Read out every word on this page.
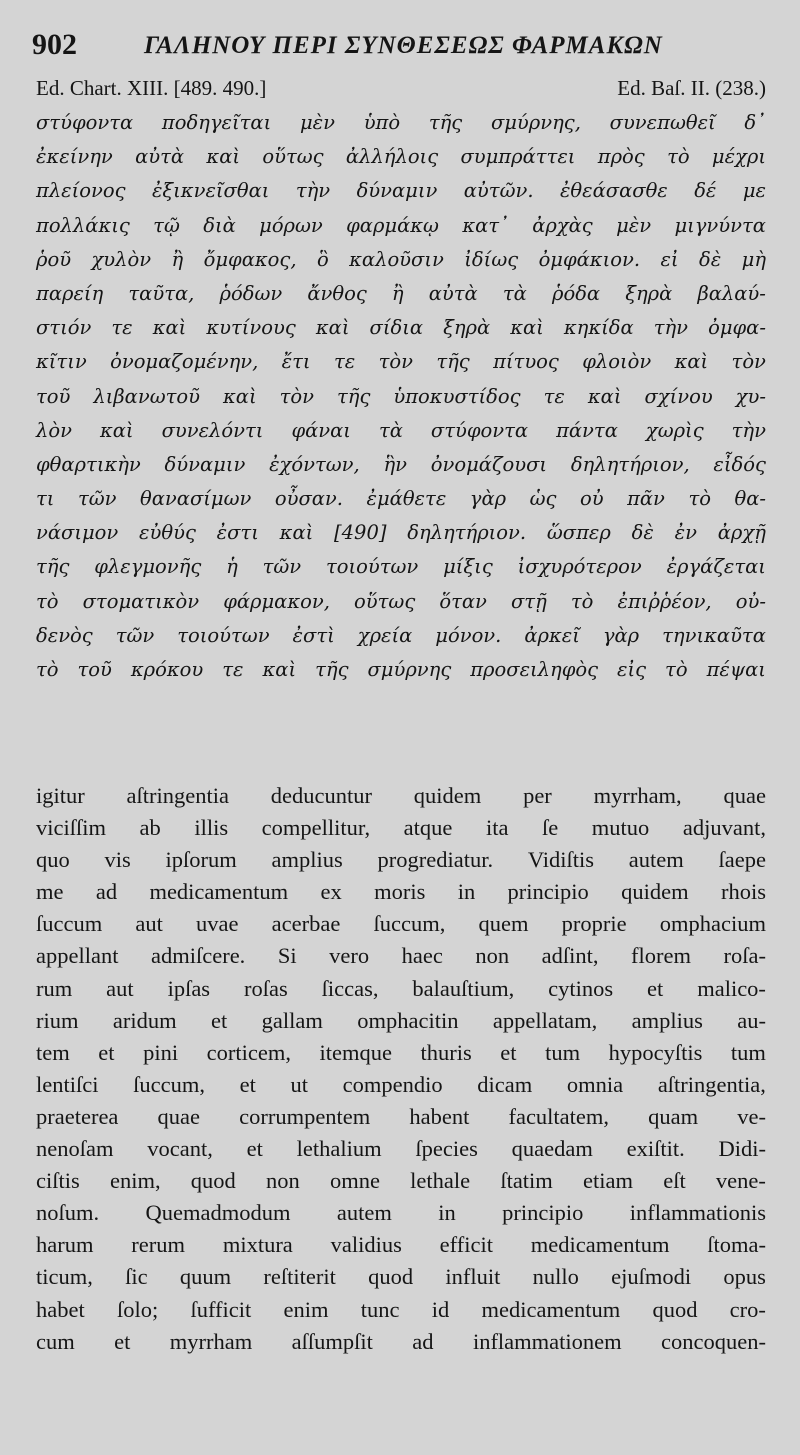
902	ΓΑΛΗΝΟΥ ΠΕΡΙ ΣΥΝΘΕΣΕΩΣ ΦΑΡΜΑΚΩΝ
Ed. Chart. XIII. [489. 490.]	Ed. Baſ. II. (238.)
στύφοντα ποδηγεῖται μὲν ὑπὸ τῆς σμύρνης, συνεπωθεῖ δ᾽
ἐκείνην αὐτὰ καὶ οὕτως ἀλλήλοις συμπράττει πρὸς τὸ μέχρι
πλείονος ἐξικνεῖσθαι τὴν δύναμιν αὐτῶν. ἐθεάσασθε δέ με
πολλάκις τῷ διὰ μόρων φαρμάκῳ κατ᾽ ἀρχὰς μὲν μιγνύντα
ῥοῦ χυλὸν ἢ ὄμφακος, ὃ καλοῦσιν ἰδίως ὀμφάκιον. εἰ δὲ μὴ
παρείη ταῦτα, ῥόδων ἄνθος ἢ αὐτὰ τὰ ῥόδα ξηρὰ βαλαύ-
στιόν τε καὶ κυτίνους καὶ σίδια ξηρὰ καὶ κηκίδα τὴν ὀμφα-
κῖτιν ὀνομαζομένην, ἔτι τε τὸν τῆς πίτυος φλοιὸν καὶ τὸν
τοῦ λιβανωτοῦ καὶ τὸν τῆς ὑποκυστίδος τε καὶ σχίνου χυ-
λὸν καὶ συνελόντι φάναι τὰ στύφοντα πάντα χωρὶς τὴν
φθαρτικὴν δύναμιν ἐχόντων, ἣν ὀνομάζουσι δηλητήριον, εἶδός
τι τῶν θανασίμων οὖσαν. ἐμάθετε γὰρ ὡς οὐ πᾶν τὸ θα-
νάσιμον εὐθύς ἐστι καὶ [490] δηλητήριον. ὥσπερ δὲ ἐν ἀρχῇ
τῆς φλεγμονῆς ἡ τῶν τοιούτων μίξις ἰσχυρότερον ἐργάζεται
τὸ στοματικὸν φάρμακον, οὕτως ὅταν στῇ τὸ ἐπιῤῥέον, οὐ-
δενὸς τῶν τοιούτων ἐστὶ χρεία μόνον. ἀρκεῖ γὰρ τηνικαῦτα
τὸ τοῦ κρόκου τε καὶ τῆς σμύρνης προσειληφὸς εἰς τὸ πέψαι
igitur aſtringentia deducuntur quidem per myrrham, quae
viciſſim ab illis compellitur, atque ita ſe mutuo adjuvant,
quo vis ipſorum amplius progrediatur. Vidiſtis autem ſaepe
me ad medicamentum ex moris in principio quidem rhois
ſuccum aut uvae acerbae ſuccum, quem proprie omphacium
appellant admiſcere. Si vero haec non adſint, florem roſa-
rum aut ipſas roſas ſiccas, balauſtium, cytinos et malico-
rium aridum et gallam omphacitin appellatam, amplius au-
tem et pini corticem, itemque thuris et tum hypocyſtis tum
lentiſci ſuccum, et ut compendio dicam omnia aſtringentia,
praeterea quae corrumpentem habent facultatem, quam ve-
nenoſam vocant, et lethalium ſpecies quaedam exiſtit. Didi-
ciſtis enim, quod non omne lethale ſtatim etiam eſt vene-
noſum. Quemadmodum autem in principio inflammationis
harum rerum mixtura validius efficit medicamentum ſtoma-
ticum, ſic quum reſtiterit quod influit nullo ejuſmodi opus
habet ſolo; ſufficit enim tunc id medicamentum quod cro-
cum et myrrham aſſumpſit ad inflammationem concoquen-
